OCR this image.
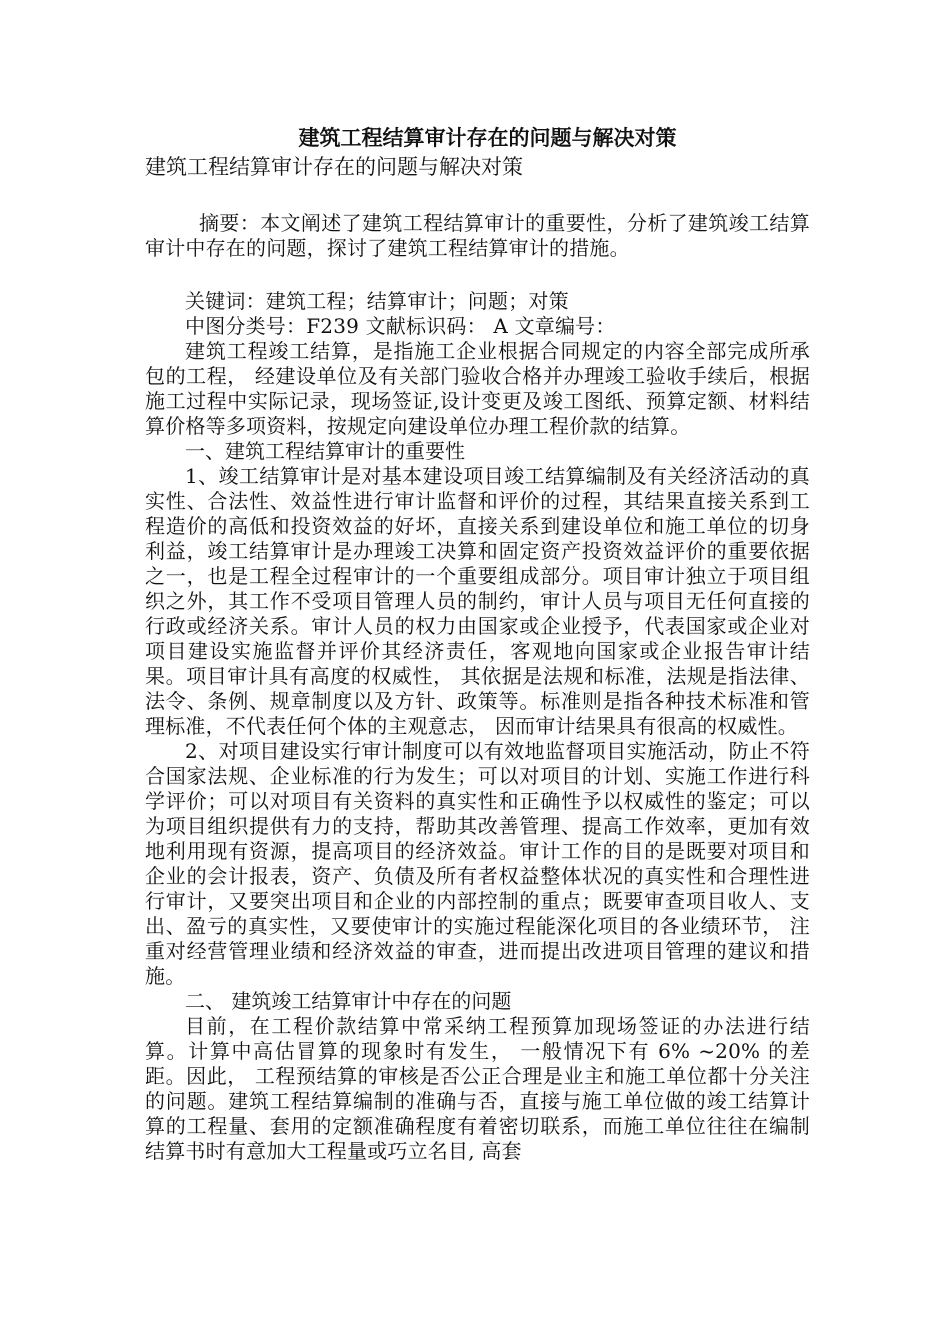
建筑工程结算审计存在的问题与解决对策

建筑工程结算审计存在的问题与解决对策

摘要：本文阐述了建筑工程结算审计的重要性，分析了建筑竣工结算审计中存在的问题，探讨了建筑工程结算审计的措施。

关键词：建筑工程；结算审计；问题；对策

中图分类号：F239 文献标识码： A 文章编号：

建筑工程竣工结算，是指施工企业根据合同规定的内容全部完成所承包的工程， 经建设单位及有关部门验收合格并办理竣工验收手续后，根据施工过程中实际记录，现场签证,设计变更及竣工图纸、预算定额、材料结算价格等多项资料，按规定向建设单位办理工程价款的结算。

一、建筑工程结算审计的重要性

1、竣工结算审计是对基本建设项目竣工结算编制及有关经济活动的真实性、合法性、效益性进行审计监督和评价的过程，其结果直接关系到工程造价的高低和投资效益的好坏，直接关系到建设单位和施工单位的切身利益，竣工结算审计是办理竣工决算和固定资产投资效益评价的重要依据之一，也是工程全过程审计的一个重要组成部分。项目审计独立于项目组织之外，其工作不受项目管理人员的制约，审计人员与项目无任何直接的行政或经济关系。审计人员的权力由国家或企业授予，代表国家或企业对项目建设实施监督并评价其经济责任，客观地向国家或企业报告审计结果。项目审计具有高度的权威性， 其依据是法规和标准，法规是指法律、法令、条例、规章制度以及方针、政策等。标准则是指各种技术标准和管理标准，不代表任何个体的主观意志， 因而审计结果具有很高的权威性。

2、对项目建设实行审计制度可以有效地监督项目实施活动，防止不符合国家法规、企业标准的行为发生；可以对项目的计划、实施工作进行科学评价；可以对项目有关资料的真实性和正确性予以权威性的鉴定；可以为项目组织提供有力的支持，帮助其改善管理、提高工作效率，更加有效地利用现有资源，提高项目的经济效益。审计工作的目的是既要对项目和企业的会计报表，资产、负债及所有者权益整体状况的真实性和合理性进行审计，又要突出项目和企业的内部控制的重点；既要审查项目收人、支出、盈亏的真实性，又要使审计的实施过程能深化项目的各业绩环节， 注重对经营管理业绩和经济效益的审查，进而提出改进项目管理的建议和措施。

二、 建筑竣工结算审计中存在的问题

目前，在工程价款结算中常采纳工程预算加现场签证的办法进行结算。计算中高估冒算的现象时有发生， 一般情况下有 6% ~20% 的差距。因此， 工程预结算的审核是否公正合理是业主和施工单位都十分关注的问题。建筑工程结算编制的准确与否，直接与施工单位做的竣工结算计算的工程量、套用的定额准确程度有着密切联系，而施工单位往往在编制结算书时有意加大工程量或巧立名目, 高套
